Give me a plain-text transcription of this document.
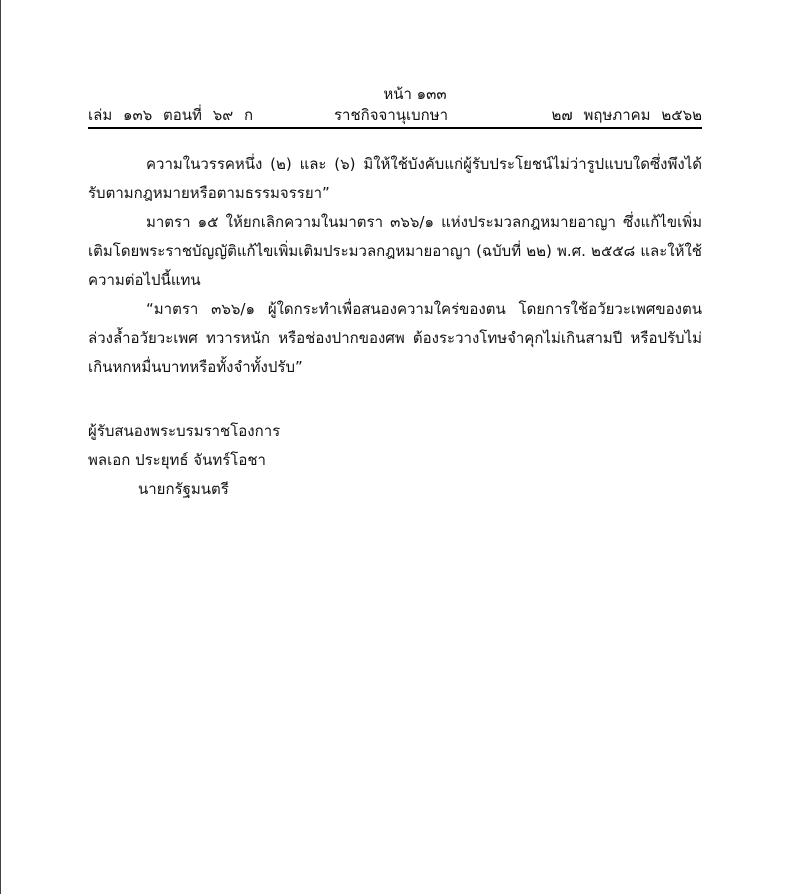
หน้า ๑๓๓
เล่ม ๑๓๖ ตอนที่ ๖๙ ก	ราชกิจจานุเบกษา	๒๗ พฤษภาคม ๒๕๖๒

ความในวรรคหนึ่ง (๒) และ (๖) มิให้ใช้บังคับแก่ผู้รับประโยชน์ไม่ว่ารูปแบบใดซึ่งพึงได้รับตามกฎหมายหรือตามธรรมจรรยา”

มาตรา ๑๕ ให้ยกเลิกความในมาตรา ๓๖๖/๑ แห่งประมวลกฎหมายอาญา ซึ่งแก้ไขเพิ่มเติมโดยพระราชบัญญัติแก้ไขเพิ่มเติมประมวลกฎหมายอาญา (ฉบับที่ ๒๒) พ.ศ. ๒๕๕๘ และให้ใช้ความต่อไปนี้แทน

“มาตรา ๓๖๖/๑ ผู้ใดกระทำเพื่อสนองความใคร่ของตน โดยการใช้อวัยวะเพศของตนล่วงล้ำอวัยวะเพศ ทวารหนัก หรือช่องปากของศพ ต้องระวางโทษจำคุกไม่เกินสามปี หรือปรับไม่เกินหกหมื่นบาทหรือทั้งจำทั้งปรับ”

ผู้รับสนองพระบรมราชโองการ

พลเอก ประยุทธ์ จันทร์โอชา

นายกรัฐมนตรี
